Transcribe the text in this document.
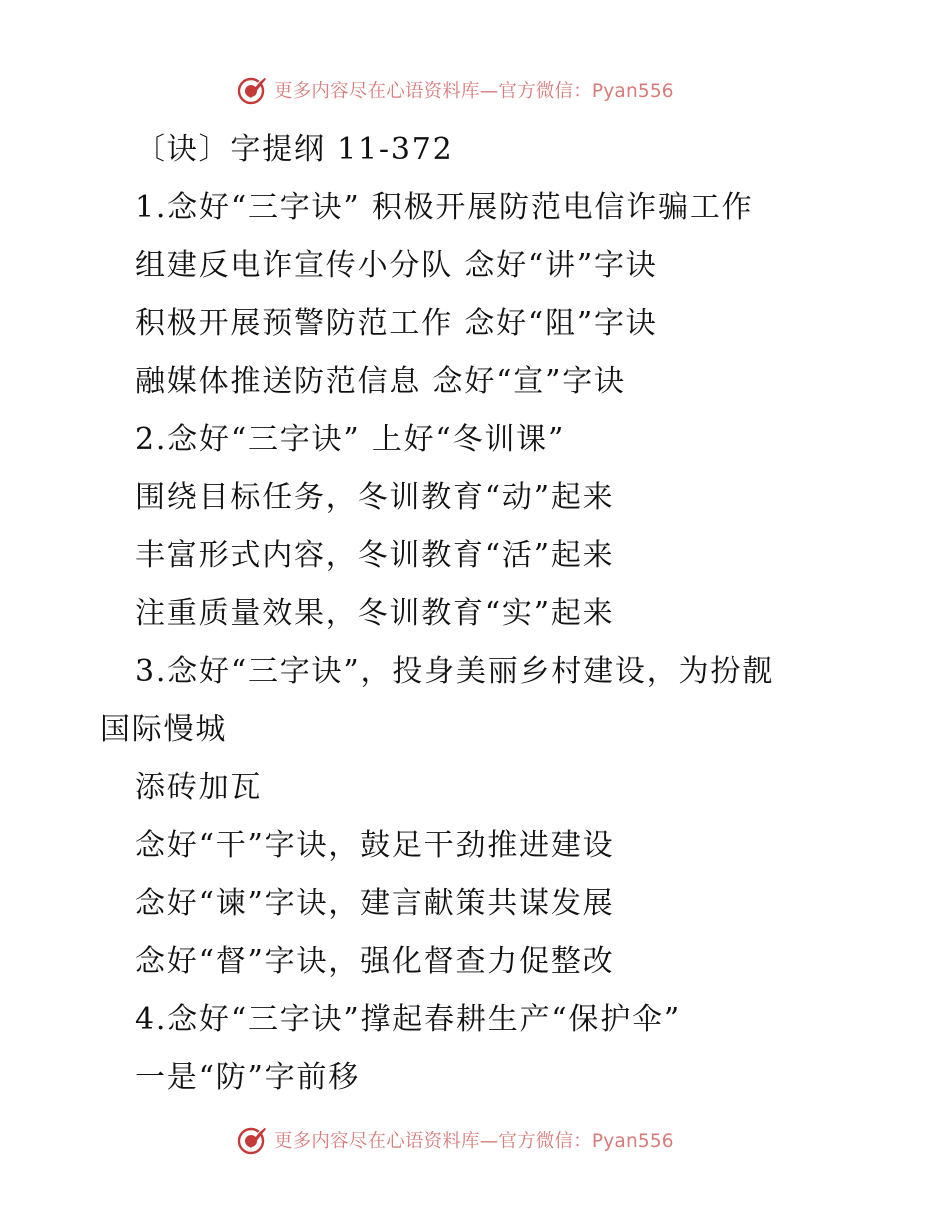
更多内容尽在心语资料库—官方微信：Pyan556
〔诀〕字提纲 11-372
1.念好“三字诀” 积极开展防范电信诈骗工作
组建反电诈宣传小分队 念好“讲”字诀
积极开展预警防范工作 念好“阻”字诀
融媒体推送防范信息 念好“宣”字诀
2.念好“三字诀” 上好“冬训课”
围绕目标任务，冬训教育“动”起来
丰富形式内容，冬训教育“活”起来
注重质量效果，冬训教育“实”起来
3.念好“三字诀”，投身美丽乡村建设，为扮靓
国际慢城
添砖加瓦
念好“干”字诀，鼓足干劲推进建设
念好“谏”字诀，建言献策共谋发展
念好“督”字诀，强化督查力促整改
4.念好“三字诀”撑起春耕生产“保护伞”
一是“防”字前移
更多内容尽在心语资料库—官方微信：Pyan556
